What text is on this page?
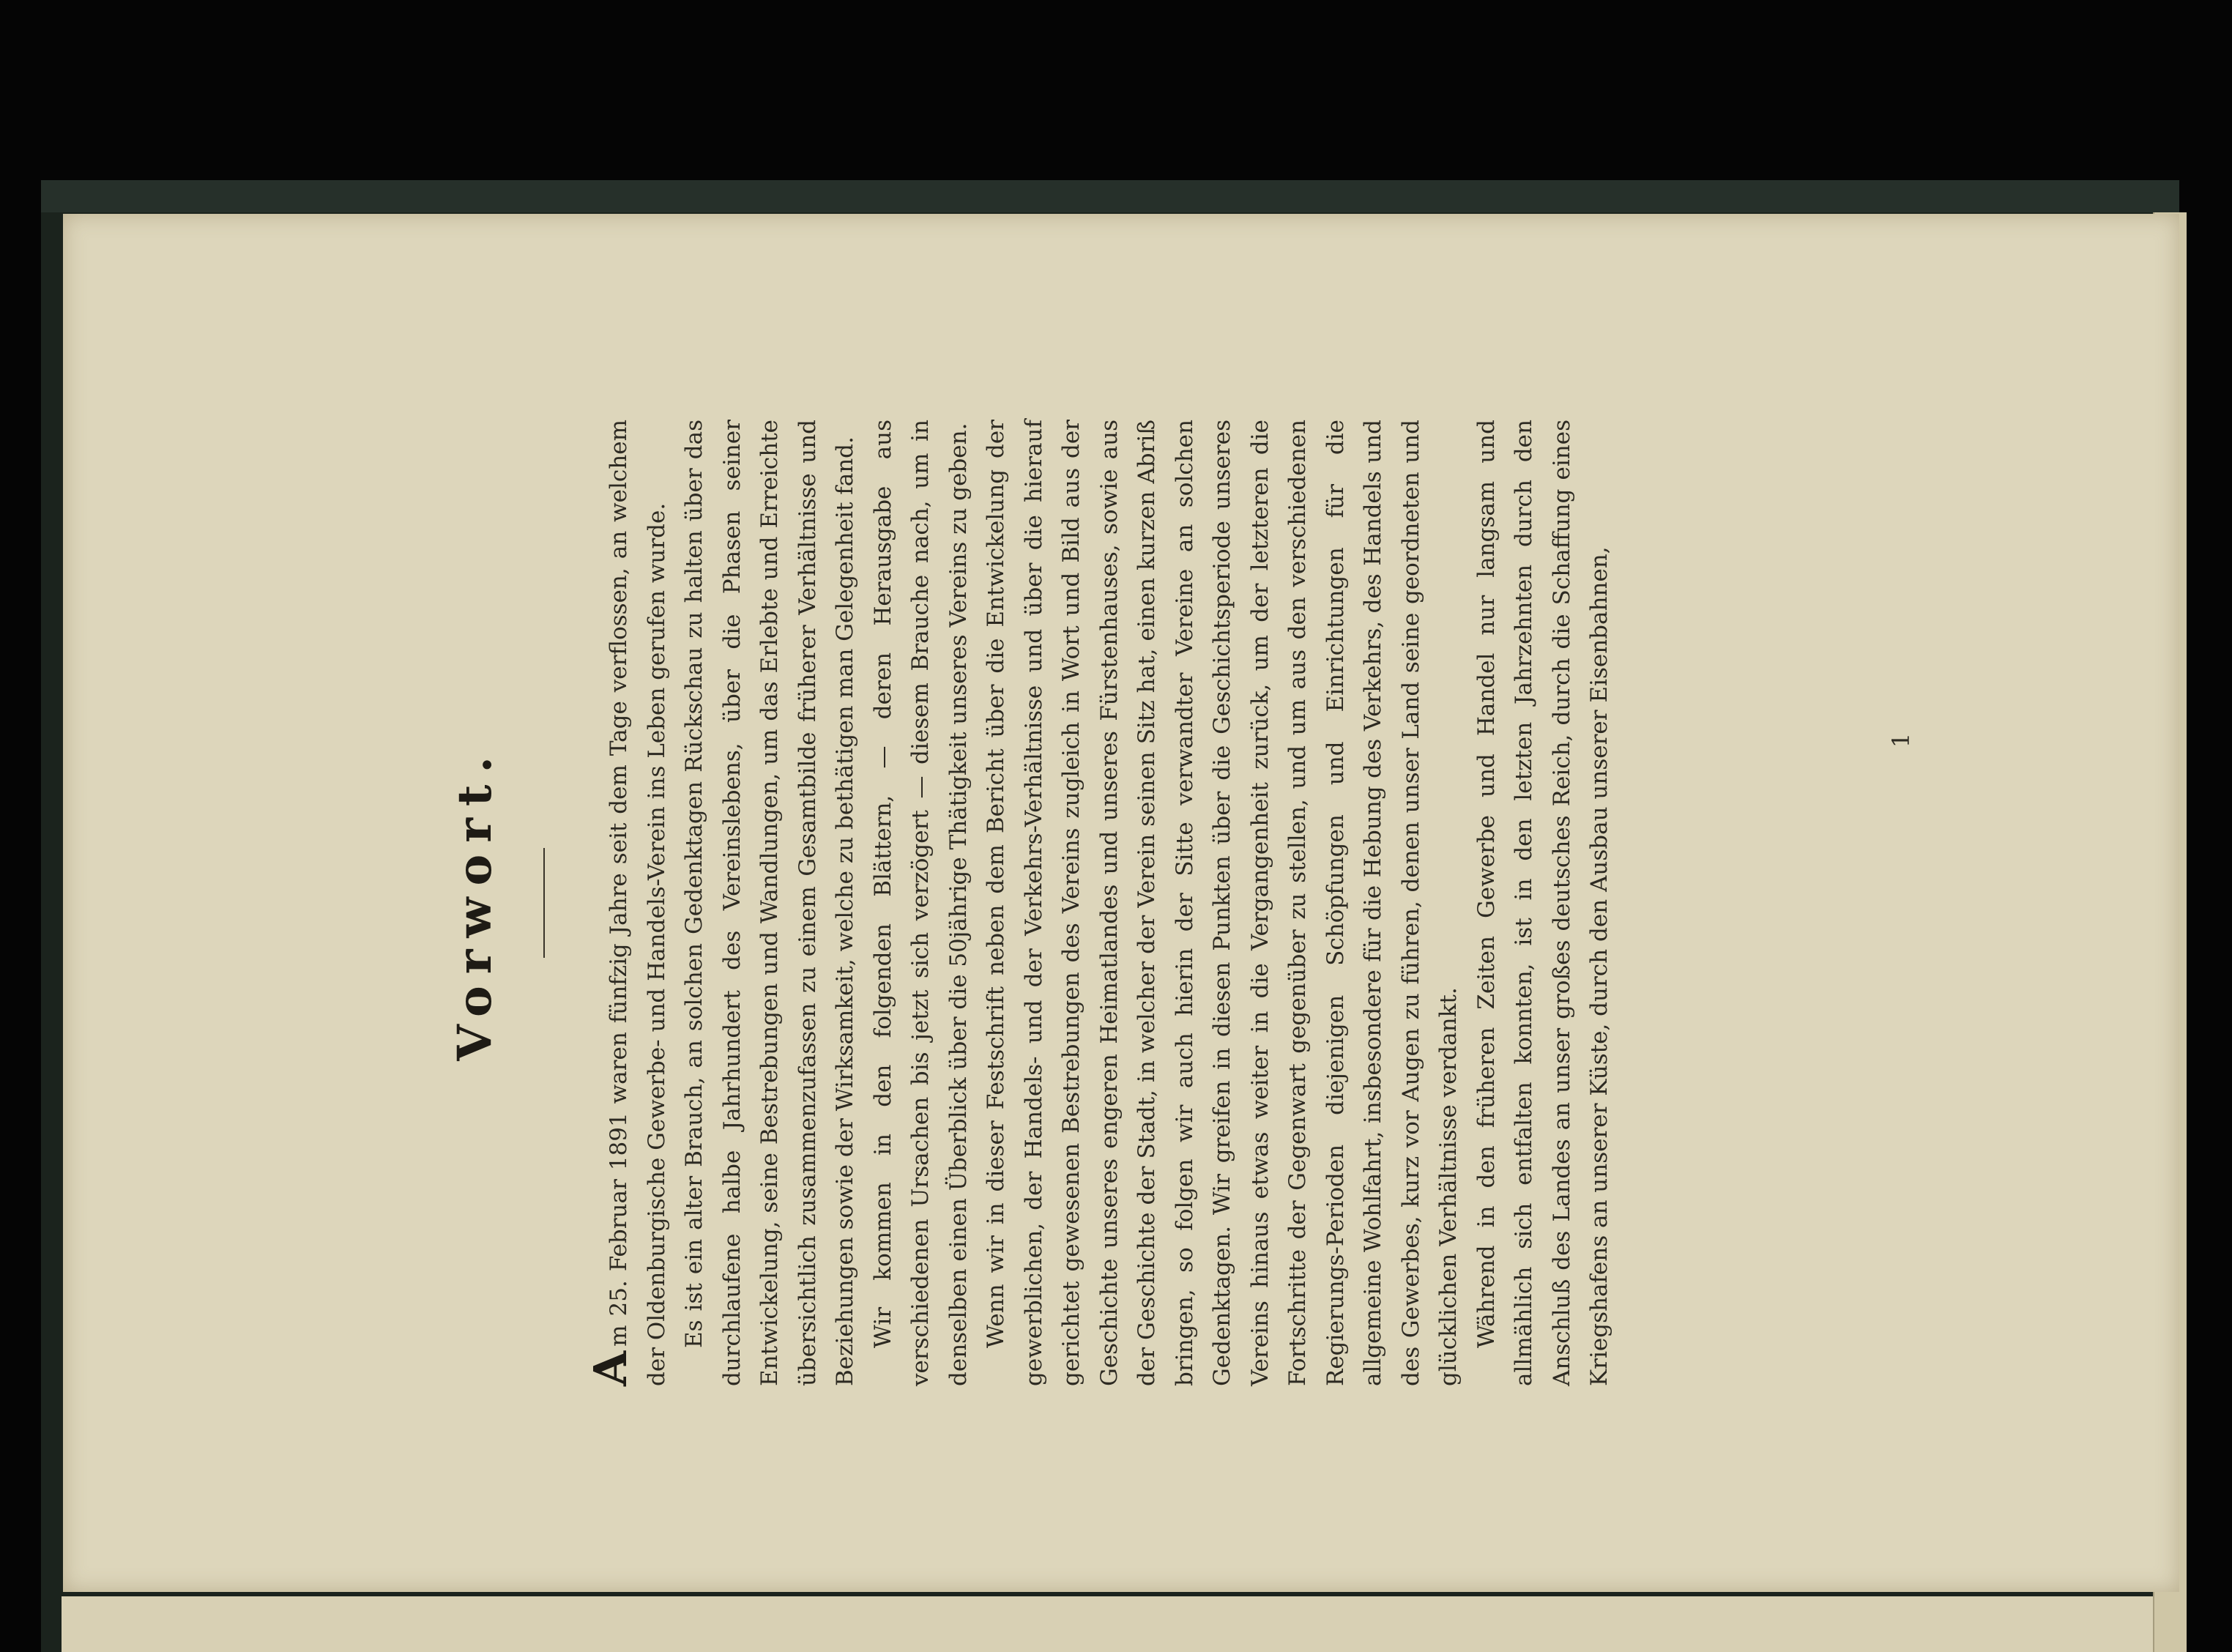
Vorwort.

Am 25. Februar 1891 waren fünfzig Jahre seit dem Tage verflossen, an welchem der Oldenburgische Gewerbe- und Handels-Verein ins Leben gerufen wurde. Es ist ein alter Brauch, an solchen Gedenktagen Rückschau zu halten über das durchlaufene halbe Jahrhundert des Vereinslebens, über die Phasen seiner Entwickelung, seine Bestrebungen und Wandlungen, um das Erlebte und Erreichte übersichtlich zusammenzufassen zu einem Gesamtbilde früherer Verhältnisse und Beziehungen sowie der Wirksamkeit, welche zu bethätigen man Gelegenheit fand. Wir kommen in den folgenden Blättern, — deren Herausgabe aus verschiedenen Ursachen bis jetzt sich verzögert — diesem Brauche nach, um in denselben einen Überblick über die 50jährige Thätigkeit unseres Vereins zu geben. Wenn wir in dieser Festschrift neben dem Bericht über die Entwickelung der gewerblichen, der Handels- und der Verkehrs-Verhältnisse und über die hierauf gerichtet gewesenen Bestrebungen des Vereins zugleich in Wort und Bild aus der Geschichte unseres engeren Heimatlandes und unseres Fürstenhauses, sowie aus der Geschichte der Stadt, in welcher der Verein seinen Sitz hat, einen kurzen Abriß bringen, so folgen wir auch hierin der Sitte verwandter Vereine an solchen Gedenktagen. Wir greifen in diesen Punkten über die Geschichtsperiode unseres Vereins hinaus etwas weiter in die Vergangenheit zurück, um der letzteren die Fortschritte der Gegenwart gegenüber zu stellen, und um aus den verschiedenen Regierungs-Perioden diejenigen Schöpfungen und Einrichtungen für die allgemeine Wohlfahrt, insbesondere für die Hebung des Verkehrs, des Handels und des Gewerbes, kurz vor Augen zu führen, denen unser Land seine geordneten und glücklichen Verhältnisse verdankt. Während in den früheren Zeiten Gewerbe und Handel nur langsam und allmählich sich entfalten konnten, ist in den letzten Jahrzehnten durch den Anschluß des Landes an unser großes deutsches Reich, durch die Schaffung eines Kriegshafens an unserer Küste, durch den Ausbau unserer Eisenbahnen,	1
